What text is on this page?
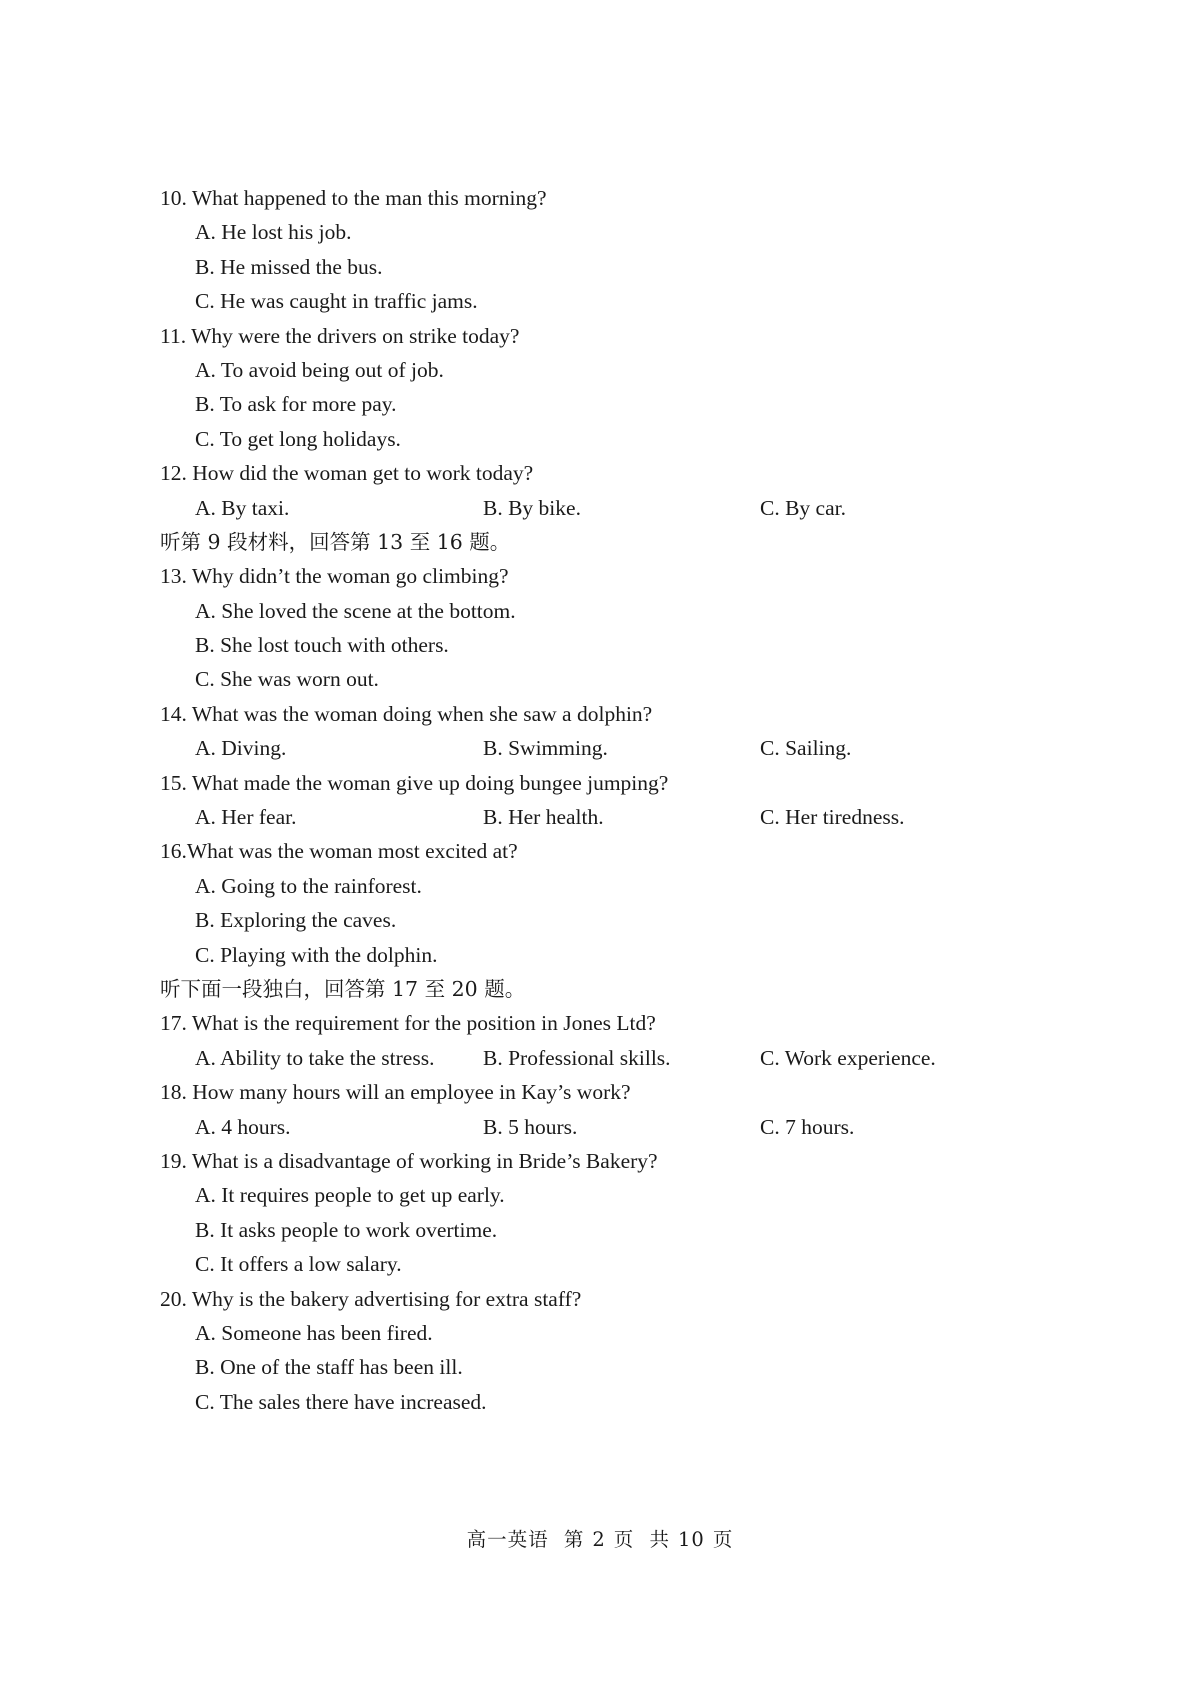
10. What happened to the man this morning?
A. He lost his job.
B. He missed the bus.
C. He was caught in traffic jams.
11. Why were the drivers on strike today?
A. To avoid being out of job.
B. To ask for more pay.
C. To get long holidays.
12. How did the woman get to work today?
A. By taxi.	B. By bike.	C. By car.
听第 9 段材料，回答第 13 至 16 题。
13. Why didn’t the woman go climbing?
A. She loved the scene at the bottom.
B. She lost touch with others.
C. She was worn out.
14. What was the woman doing when she saw a dolphin?
A. Diving.	B. Swimming.	C. Sailing.
15. What made the woman give up doing bungee jumping?
A. Her fear.	B. Her health.	C. Her tiredness.
16.What was the woman most excited at?
A. Going to the rainforest.
B. Exploring the caves.
C. Playing with the dolphin.
听下面一段独白，回答第 17 至 20 题。
17. What is the requirement for the position in Jones Ltd?
A. Ability to take the stress. B. Professional skills.	C. Work experience.
18. How many hours will an employee in Kay’s work?
A. 4 hours.	B. 5 hours.	C. 7 hours.
19. What is a disadvantage of working in Bride’s Bakery?
A. It requires people to get up early.
B. It asks people to work overtime.
C. It offers a low salary.
20. Why is the bakery advertising for extra staff?
A. Someone has been fired.
B. One of the staff has been ill.
C. The sales there have increased.
高一英语 第 2 页 共 10 页
